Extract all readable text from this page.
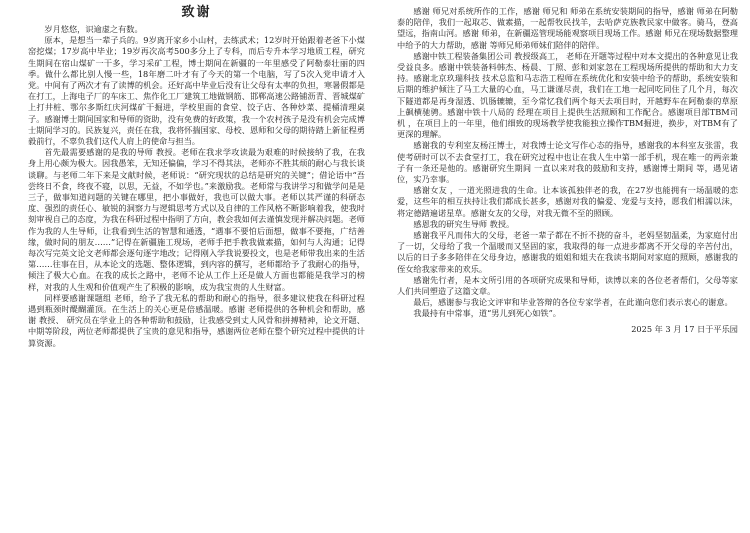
致谢

岁月悠悠，识逾虚之有数。

原本，是想当一辈子兵的。9岁离开家乡小山村，去练武术；12岁时开始跟着老爸下小煤窑挖煤；17岁高中毕业；19岁再次高考500多分上了专科，而后专升本学习地质工程，研究生期间在宿山煤矿一干多，学习采矿工程，博士期间在新疆的一年里感受了阿勒泰壮丽的四季。做什么都比别人慢一些，18年磨二叶才有了今天的第一个电脑，写了5次入党申请才入党。中间有了两次才有了读博的机会。还好高中毕业后没有让父母有太率的负担，寒暑假都是在打工，上海电子厂的车床工、焦作化工厂建筑工地做钢筋、邯郸高速公路铺沥青、晋城煤矿上打井桩、鄂尔多斯红庆河煤矿干掘进，学校里面的食堂、饺子店、各种炒菜、提桶清理桌子。感谢博士期间国家和导师的资助，没有免费的好政策，我一个农村孩子是没有机会完成博士期间学习的。民族复兴，责任在我，我将怀揣国家、母校、恩师和父母的期待踏上新征程勇毅前行，不辜负我们这代人肩上的使命与担当。

首先最需要感谢的是我的导师 教授。老师在我求学攻读最为艰难的时候接纳了我，在我身上用心颇为极大。因我愚笨，无知还偏偏，学习不得其法，老师亦不胜其烦的耐心与我长谈谈聊。与老师二年下来是文献时候，老师说：“研究现状的总结是研究的关键”；借论语中“吾尝终日不食，终夜不寝，以思，无益，不如学也。”来激励我。老师常与我讲学习和做学问是是三子，做事知道问题的关键在哪里，把小事做好，我也可以做大事。老师以其严谨的科研态度、强烈的责任心、敏锐的洞察力与逻辑思考方式以及自律的工作风格不断影响着我，使我时刻审视自己的态度，为我在科研过程中指明了方向，教会我如何去谨慎发现并解决问题。老师作为我的人生导师，让我看到生活的智慧和通透，“遇事不要怕后面想，做事不要拖，广结善缘，做时间的朋友……”记得在新疆施工现场，老师手把手教我做素描，如何与人沟通；记得每次写完英文论文老师都会逐句逐字地改；记得刚入学我说要投文，也是老师带我出来的生活第……往事在目，从本论文的选题、整体逻辑，到内容的撰写，老师都给予了我耐心的指导，倾注了极大心血。在我的成长之路中，老师不论从工作上还是做人方面也都能是我学习的榜样，对我的人生观和价值观产生了积极的影响，成为我宝贵的人生财富。

同样要感谢课题组 老师，给予了我无私的帮助和耐心的指导，很多建议使我在科研过程遇到瓶颈时醍醐灌顶。在生活上的关心更是倍感温暖。感谢 老师提供的各种机会和帮助，感谢 教授、 研究员在学业上的各种帮助和鼓励，让我感受到丈人风骨和拼搏精神，论文开题、中期等阶段，两位老师都提供了宝贵的意见和指导，感谢两位老师在整个研究过程中提供的计算资源。

感谢 师兄对系统所作的工作，感谢 师兄和 师弟在系统安装期间的指导，感谢 师弟在阿勒泰的陪伴，我们一起取芯、做素描，一起帮牧民找羊，去哈萨克族教民家中做客。骑马，登高望远，指南山河。感谢 师弟，在新疆巡管现场能观察项目现场工作。感谢 师兄在现场数据整理中给予的大力帮助，感谢 等师兄师弟师妹们陪伴的陪伴。

感谢中铁工程装备集团公司 教授级高工， 老师在开题等过程中对本文提出的各种意见让我受益良多。感谢中铁装备料韩杰、杨晨、丁照、彭和刘家忽在工程现场所提供的帮助和大力支持。感谢北京玖瑞科技 技术总监和马志浩工程师在系统优化和安装中给予的帮助，系统安装和后期的维护倾注了马工大量的心血，马工谦谨尽责，我们在工地一起同吃同住了几个月，每次下隧道都是再身湿透、饥肠辘辘，至今常忆我们两个每天去项目时，开越野车在阿勒泰的草原上飙横驰骋。感谢中铁十八局的 经理在项目上提供生活照顾和工作配合。感谢项目部TBM司机 ，在项目上的一年里，他们细致的现场教学使我能独立操作TBM掘进，换步，对TBM有了更深的理解。

感谢我的专利室友杨汪博士，对我博士论文写作心态的指导，感谢我的本科室友张雷，我使考研时可以不去食堂打工，我在研究过程中也让在我人生中第一部手机，现在唯一的两亲兼子有一条还是他的。感谢研究生期间 一直以来对我的鼓励和支持，感谢博士期间 等，遇见诸位，实乃幸事。

感谢女友 ，一道光照进我的生命。让本该孤独伴老的我，在27岁也能拥有一场温暖的恋爱，这些年的相互扶持让我们都成长甚多，感谢对我的偏爱、宠爱与支持，愿我们相濡以沫，将定德踏遍诺星草。感谢女友的父母，对我无微不至的照顾。

感恩我的研究生导师 教授。

感谢我平凡而伟大的父母，老爸一辈子都在不折不挠的奋斗，老妈坚韧温柔，为家庭付出了一切，父母给了我一个温暖而又坚固的家，我取得的每一点进步都离不开父母的辛苦付出，以后的日子多多陪伴在父母身边，感谢我的姐姐和姐夫在我读书期间对家庭的照顾，感谢我的侄女给我家带来的欢乐。

感谢先行者，是本文所引用的各项研究成果和导师，读博以来的各位老者帮们，父母等家人们共同塑造了这篇文章。

最后，感谢参与我论文评审和毕业答辩的各位专家学者，在此谨向您们表示衷心的谢意。

我最持有中常事，道“男儿到死心如铁”。

2025 年 3 月 17 日于平乐园
